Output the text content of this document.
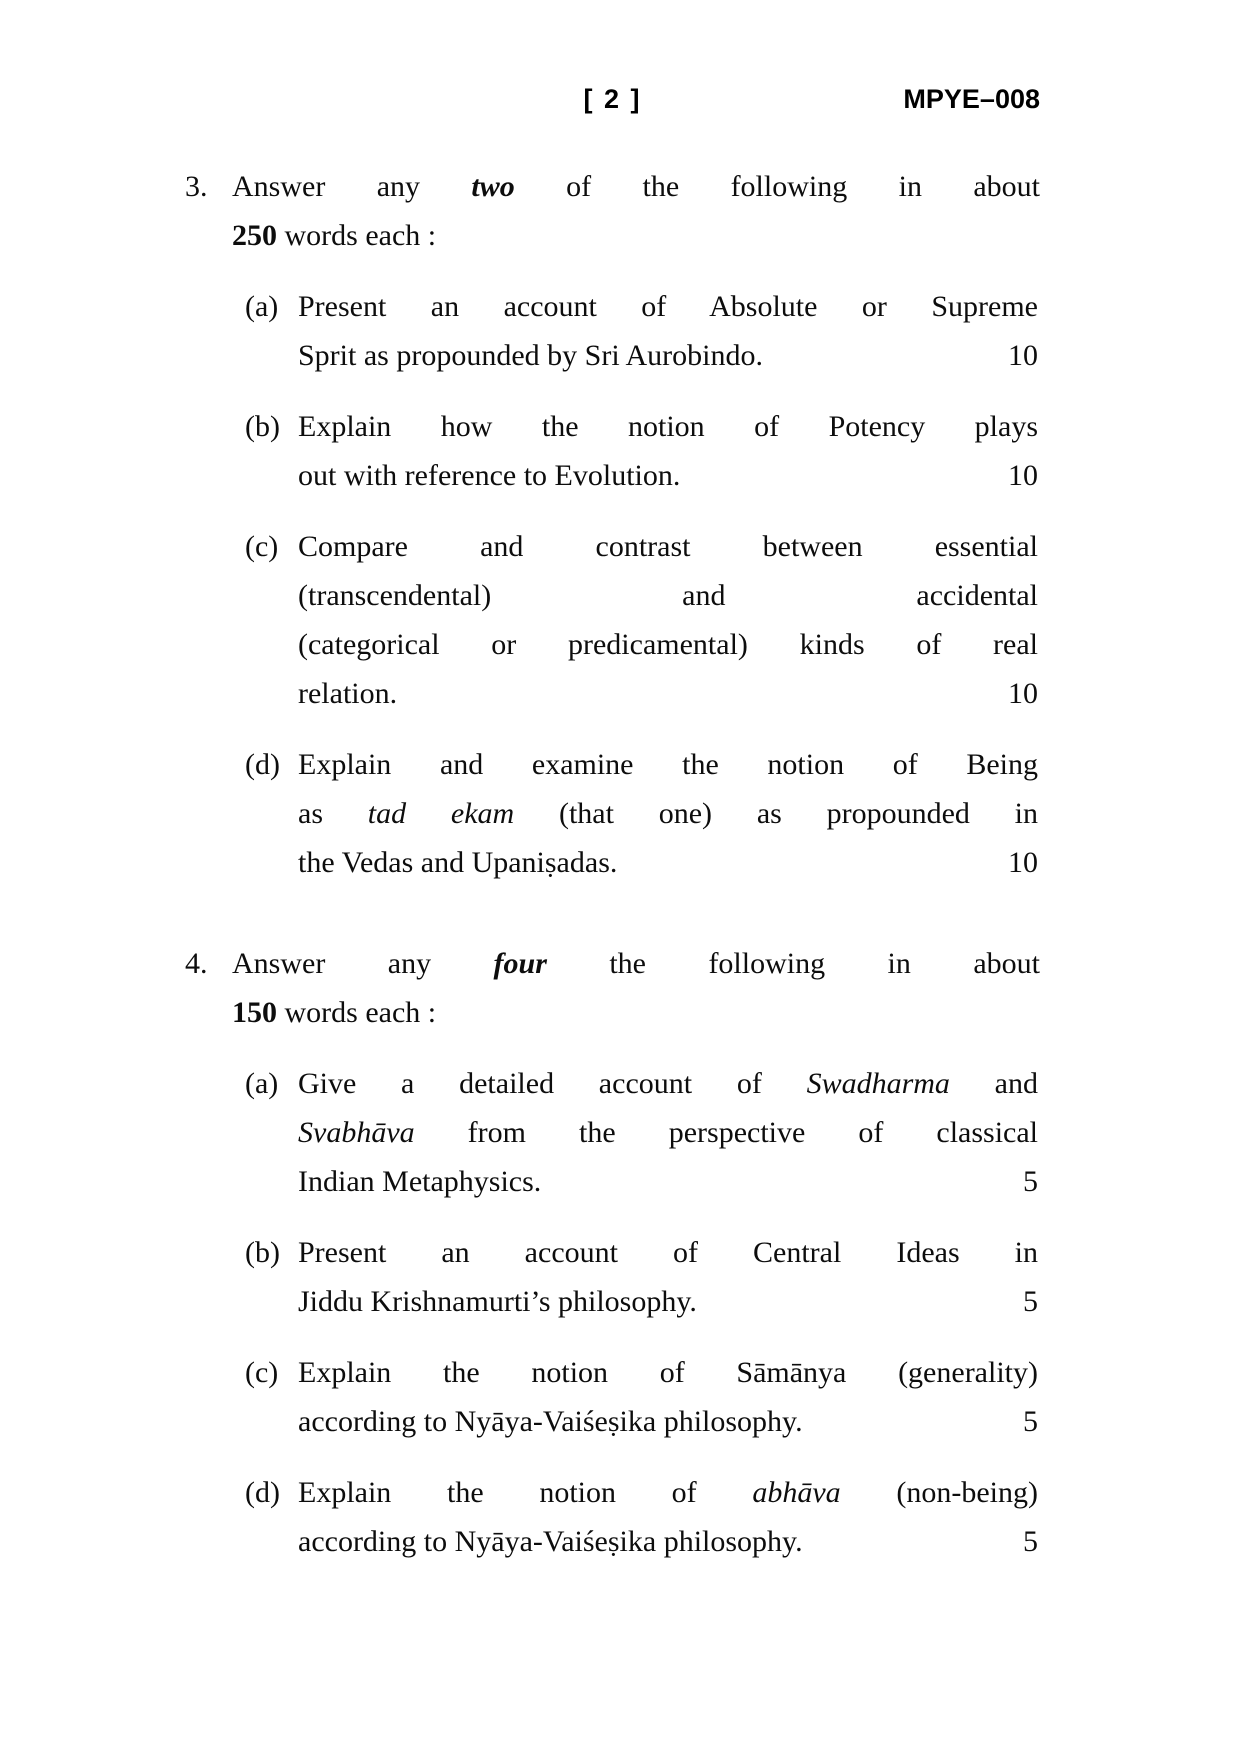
[ 2 ]	MPYE–008
3. Answer any two of the following in about
250 words each :
(a) Present an account of Absolute or Supreme
Sprit as propounded by Sri Aurobindo.	10
(b) Explain how the notion of Potency plays
out with reference to Evolution.	10
(c) Compare and contrast between essential
(transcendental) and accidental
(categorical or predicamental) kinds of real
relation.	10
(d) Explain and examine the notion of Being
as tad ekam (that one) as propounded in
the Vedas and Upaniṣadas.	10
4. Answer any four the following in about
150 words each :
(a) Give a detailed account of Swadharma and
Svabhāva from the perspective of classical
Indian Metaphysics.	5
(b) Present an account of Central Ideas in
Jiddu Krishnamurti’s philosophy.	5
(c) Explain the notion of Sāmānya (generality)
according to Nyāya-Vaiśeṣika philosophy.	5
(d) Explain the notion of abhāva (non-being)
according to Nyāya-Vaiśeṣika philosophy.	5
